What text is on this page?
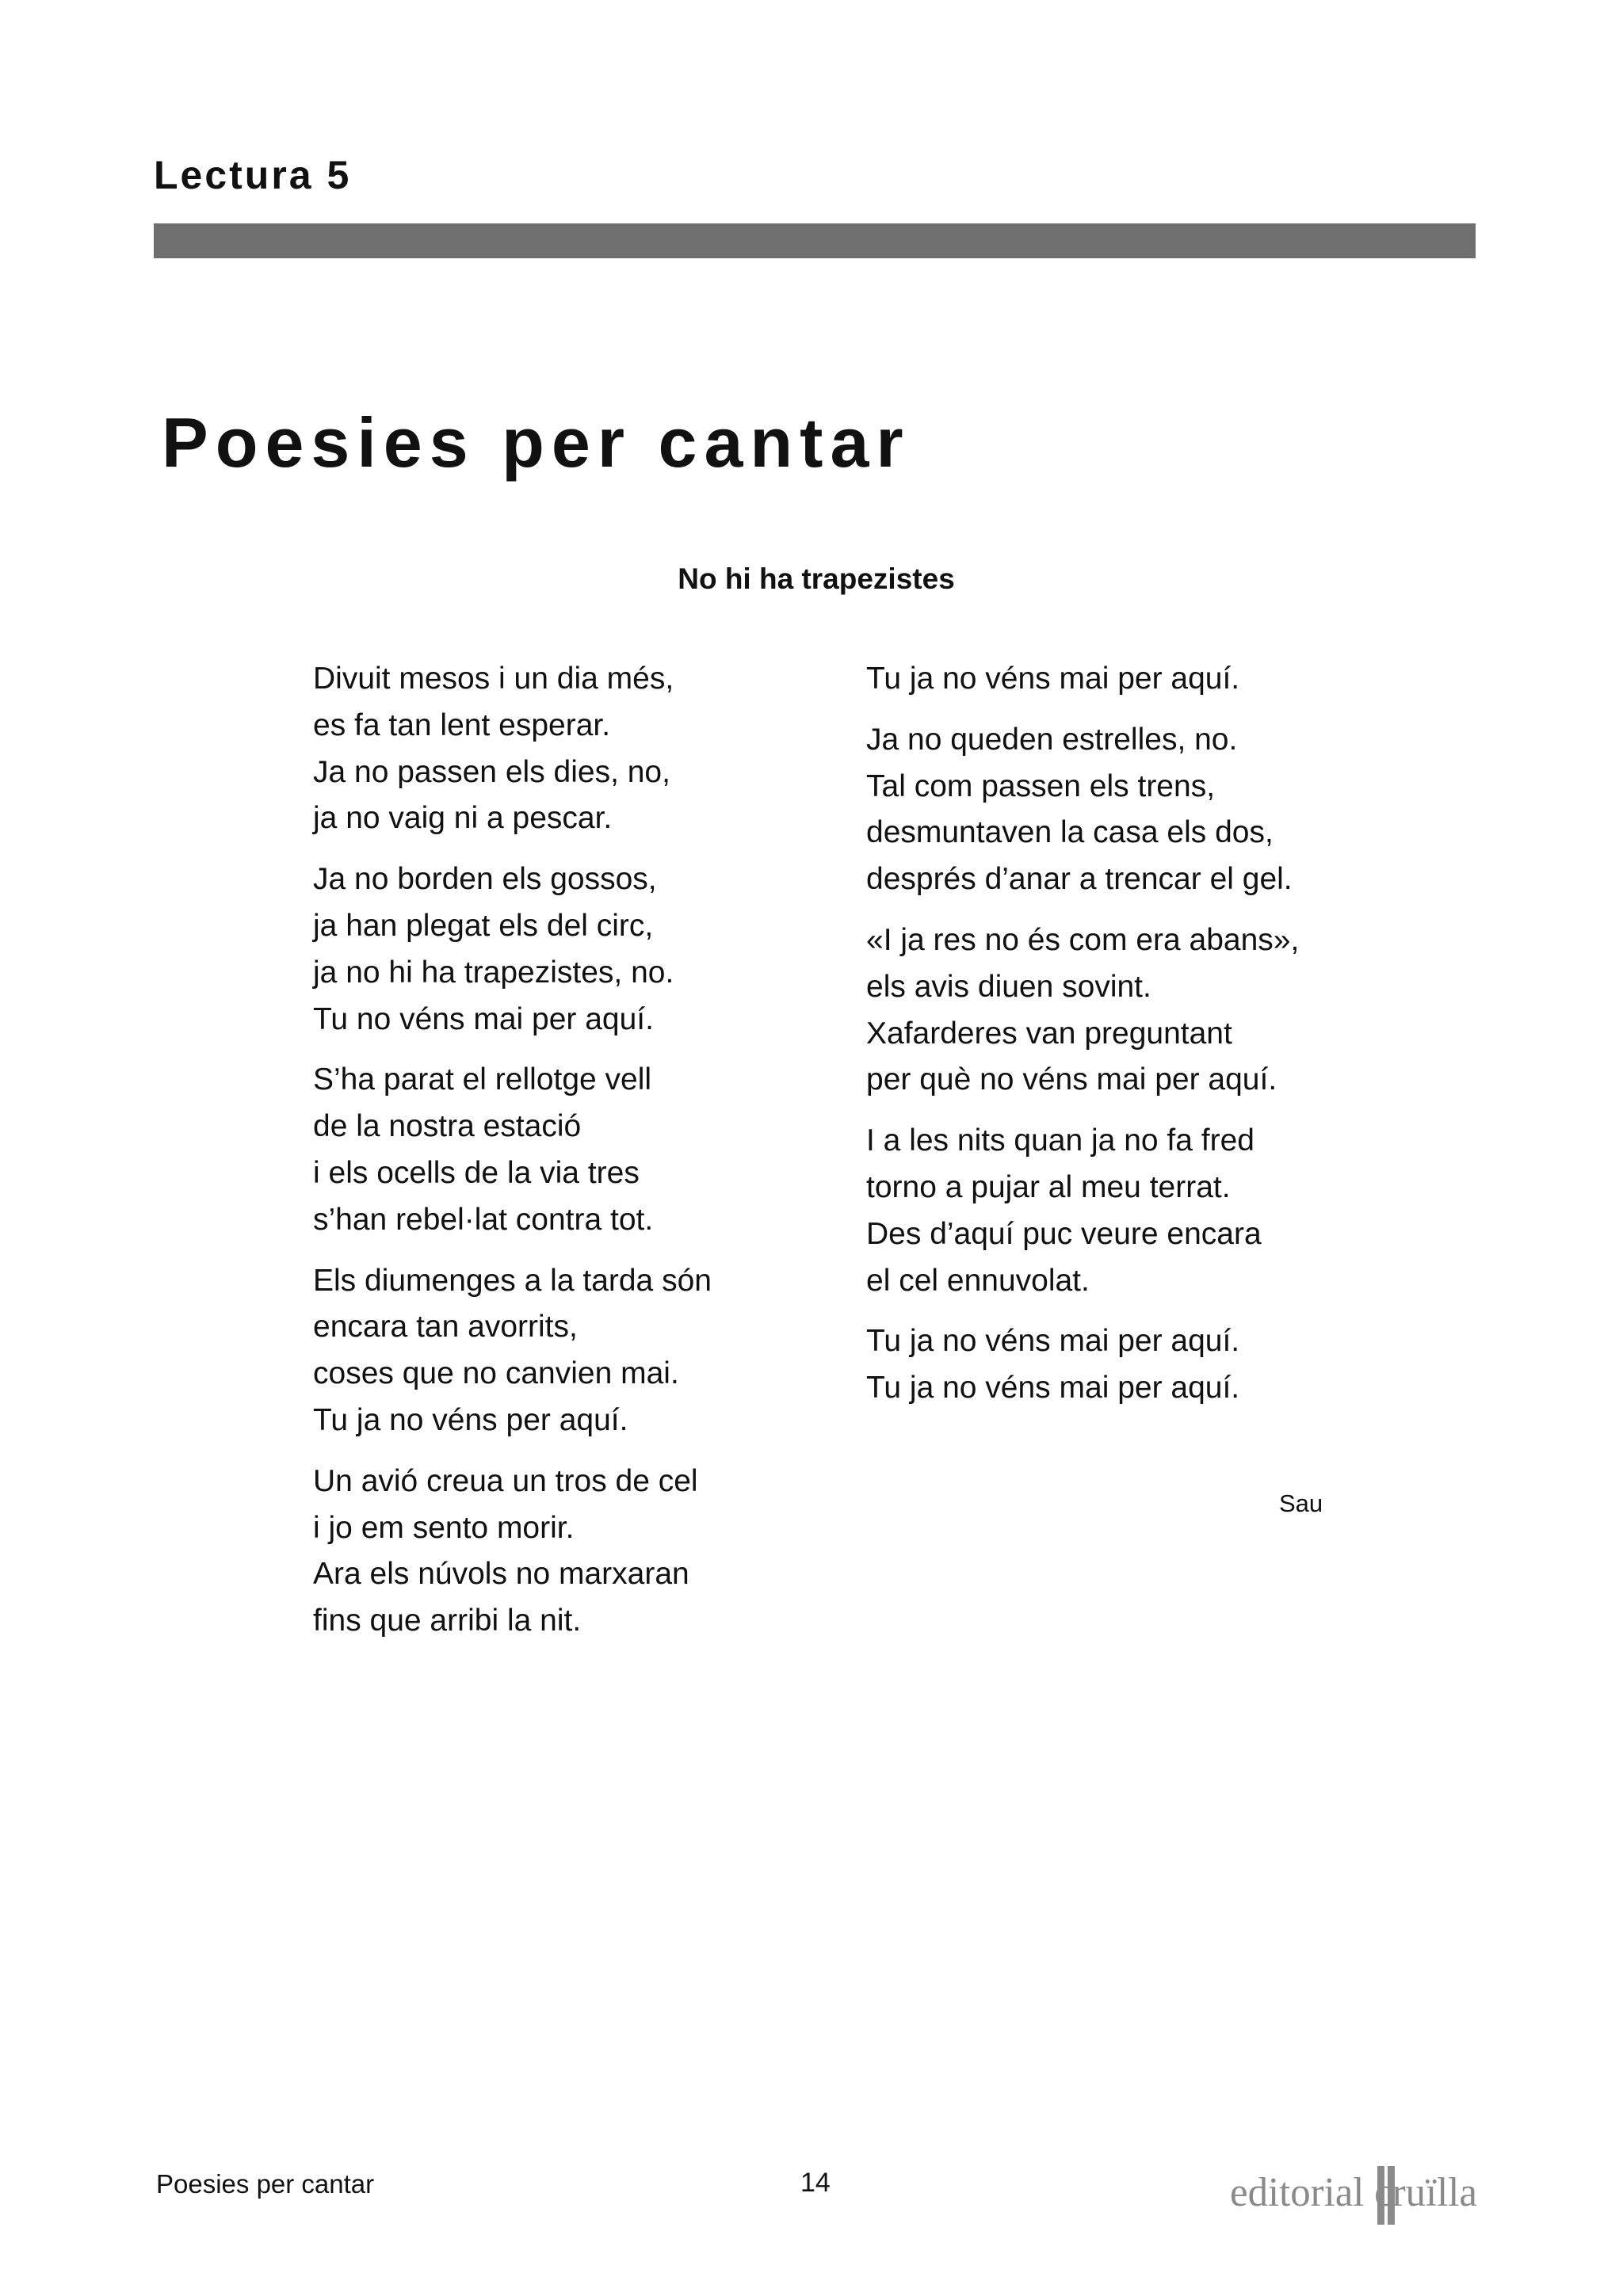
Lectura 5
Poesies per cantar
No hi ha trapezistes
Divuit mesos i un dia més,
es fa tan lent esperar.
Ja no passen els dies, no,
ja no vaig ni a pescar.
Ja no borden els gossos,
ja han plegat els del circ,
ja no hi ha trapezistes, no.
Tu no véns mai per aquí.
S’ha parat el rellotge vell
de la nostra estació
i els ocells de la via tres
s’han rebel·lat contra tot.
Els diumenges a la tarda són
encara tan avorrits,
coses que no canvien mai.
Tu ja no véns per aquí.
Un avió creua un tros de cel
i jo em sento morir.
Ara els núvols no marxaran
fins que arribi la nit.
Tu ja no véns mai per aquí.
Ja no queden estrelles, no.
Tal com passen els trens,
desmuntaven la casa els dos,
després d’anar a trencar el gel.
«I ja res no és com era abans»,
els avis diuen sovint.
Xafarderes van preguntant
per què no véns mai per aquí.
I a les nits quan ja no fa fred
torno a pujar al meu terrat.
Des d’aquí puc veure encara
el cel ennuvolat.
Tu ja no véns mai per aquí.
Tu ja no véns mai per aquí.
Sau
Poesies per cantar	14	editorial cruïlla
